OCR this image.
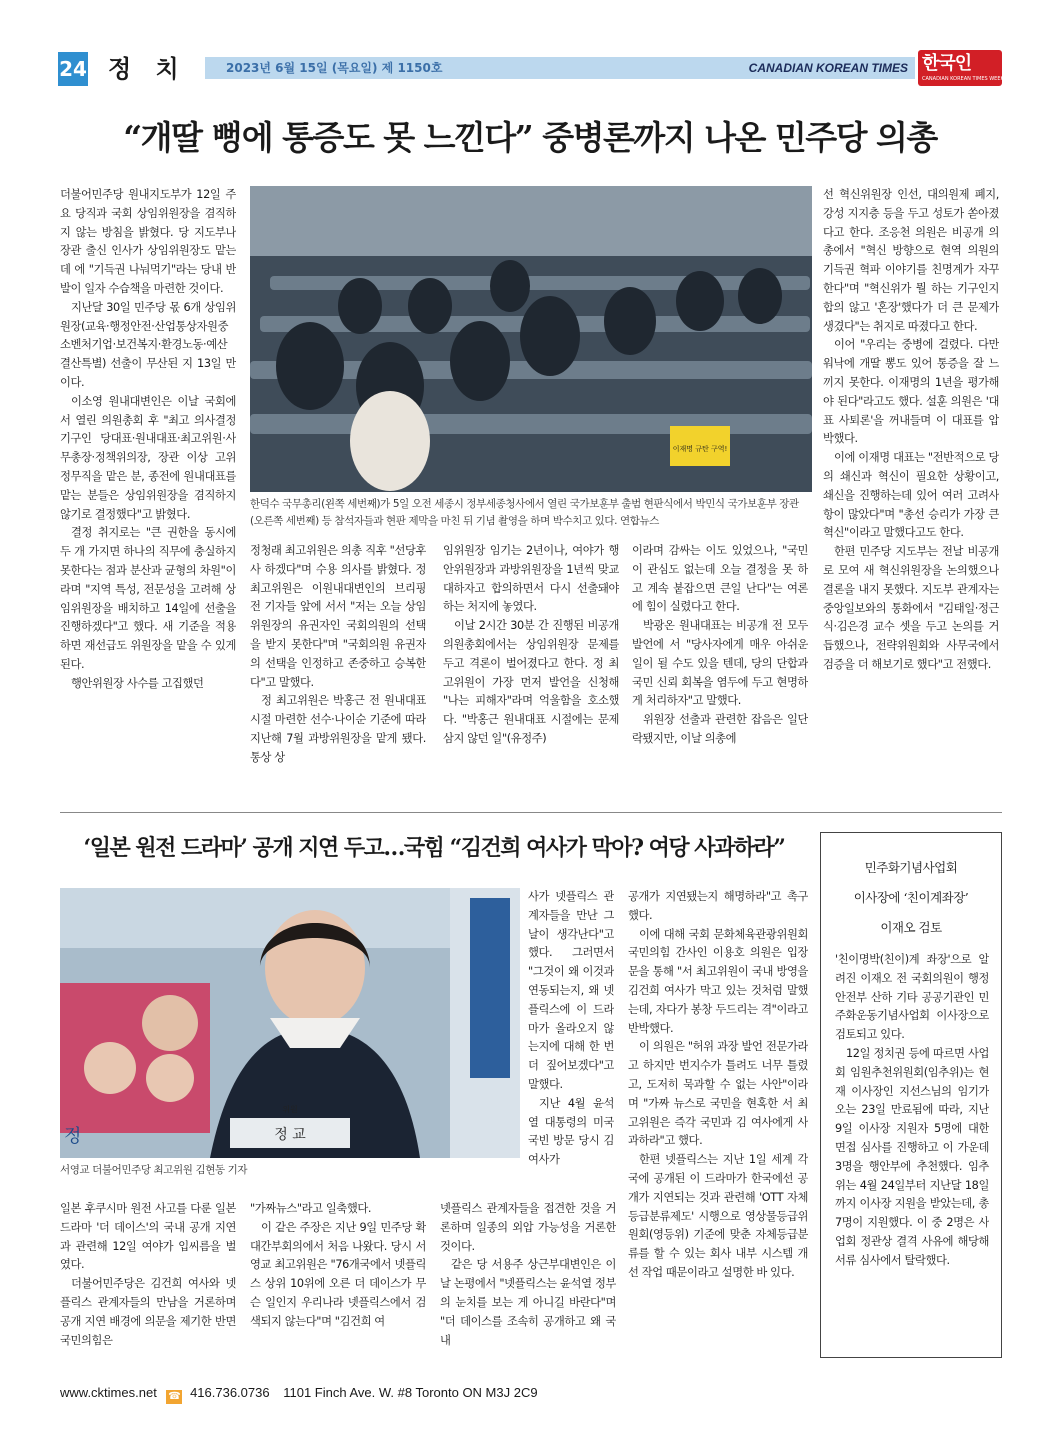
24 정 치	2023년 6월 15일 (목요일) 제 1150호	CANADIAN KOREAN TIMES 한국인
CANADIAN KOREAN TIMES WEEKLY
“개딸 뻥에 통증도 못 느낀다” 중병론까지 나온 민주당 의총

더불어민주당 원내지도부가 12일 주요 당직과 국회 상임위원장을 겸직하지 않는 방침을 밝혔다. 당 지도부나 장관 출신 인사가 상임위원장도 맡는 데 에 "기득권 나눠먹기"라는 당내 반발이 일자 수습책을 마련한 것이다.

지난달 30일 민주당 몫 6개 상임위원장(교육·행정안전·산업통상자원중소벤처기업·보건복지·환경노동·예산결산특별) 선출이 무산된 지 13일 만이다.

이소영 원내대변인은 이날 국회에서 열린 의원총회 후 "최고 의사결정기구인 당대표·원내대표·최고위원·사무총장·정책위의장, 장관 이상 고위 정무직을 맡은 분, 종전에 원내대표를 맡는 분들은 상임위원장을 겸직하지 않기로 결정했다"고 밝혔다.

결정 취지로는 "큰 권한을 동시에 두 개 가지면 하나의 직무에 충실하지 못한다는 점과 분산과 균형의 차원"이라며 "지역 특성, 전문성을 고려해 상임위원장을 배치하고 14일에 선출을 진행하겠다"고 했다. 새 기준을 적용하면 재선급도 위원장을 맡을 수 있게 된다.

행안위원장 사수를 고집했던

이재명 규탄 구역!
한덕수 국무총리(왼쪽 세번째)가 5일 오전 세종시 정부세종청사에서 열린 국가보훈부 출범 현판식에서 박민식 국가보훈부 장관(오른쪽 세번째) 등 참석자들과 현판 제막을 마친 뒤 기념 촬영을 하며 박수치고 있다. 연합뉴스

정청래 최고위원은 의총 직후 "선당후사 하겠다"며 수용 의사를 밝혔다. 정 최고위원은 이원내대변인의 브리핑 전 기자들 앞에 서서 "저는 오늘 상임위원장의 유권자인 국회의원의 선택을 받지 못한다"며 "국회의원 유권자의 선택을 인정하고 존중하고 승복한다"고 말했다.

정 최고위원은 박홍근 전 원내대표 시절 마련한 선수·나이순 기준에 따라 지난해 7월 과방위원장을 맡게 됐다. 통상 상

임위원장 임기는 2년이나, 여야가 행안위원장과 과방위원장을 1년씩 맞교대하자고 합의하면서 다시 선출돼야 하는 처지에 놓였다.

이날 2시간 30분 간 진행된 비공개 의원총회에서는 상임위원장 문제를 두고 격론이 벌어졌다고 한다. 정 최고위원이 가장 먼저 발언을 신청해 "나는 피해자"라며 억울함을 호소했다. "박홍근 원내대표 시절에는 문제 삼지 않던 일"(유정주)

이라며 감싸는 이도 있었으나, "국민이 관심도 없는데 오늘 결정을 못 하고 계속 붙잡으면 큰일 난다"는 여론에 힘이 실렸다고 한다.

박광온 원내대표는 비공개 전 모두발언에 서 "당사자에게 매우 아쉬운 일이 될 수도 있을 텐데, 당의 단합과 국민 신뢰 회복을 염두에 두고 현명하게 처리하자"고 말했다.

위원장 선출과 관련한 잡음은 일단락됐지만, 이날 의총에

선 혁신위원장 인선, 대의원제 폐지, 강성 지지층 등을 두고 성토가 쏟아졌다고 한다. 조응천 의원은 비공개 의총에서 "혁신 방향으로 현역 의원의 기득권 혁파 이야기를 친명계가 자꾸 한다"며 "혁신위가 뭘 하는 기구인지 합의 않고 '혼장'했다가 더 큰 문제가 생겼다"는 취지로 따졌다고 한다.

이어 "우리는 중병에 걸렸다. 다만 워낙에 개딸 뽕도 있어 통증을 잘 느끼지 못한다. 이재명의 1년을 평가해야 된다"라고도 했다. 설훈 의원은 '대표 사퇴론'을 꺼내들며 이 대표를 압박했다.

이에 이재명 대표는 "전반적으로 당의 쇄신과 혁신이 필요한 상황이고, 쇄신을 진행하는데 있어 여러 고려사항이 많았다"며 "총선 승리가 가장 큰 혁신"이라고 말했다고도 한다.

한편 민주당 지도부는 전날 비공개로 모여 새 혁신위원장을 논의했으나 결론을 내지 못했다. 지도부 관계자는 중앙일보와의 통화에서 "김태일·정근식·김은경 교수 셋을 두고 논의를 거듭했으나, 전략위원회와 사무국에서 검증을 더 해보기로 했다"고 전했다.

‘일본 원전 드라마’ 공개 지연 두고…국힘 “김건희 여사가 막아? 여당 사과하라”
정 교
위원
정
서영교 더불어민주당 최고위원 김현동 기자

사가 넷플릭스 관계자들을 만난 그 날이 생각난다"고 했다. 그러면서 "그것이 왜 이것과 연동되는지, 왜 넷플릭스에 이 드라마가 올라오지 않는지에 대해 한 번 더 짚어보겠다"고 말했다.

지난 4월 윤석열 대통령의 미국 국빈 방문 당시 김 여사가

일본 후쿠시마 원전 사고를 다룬 일본 드라마 '더 데이스'의 국내 공개 지연과 관련해 12일 여야가 입씨름을 벌였다.

더불어민주당은 김건희 여사와 넷플릭스 관계자들의 만남을 거론하며 공개 지연 배경에 의문을 제기한 반면국민의힘은

"가짜뉴스"라고 일축했다.

이 같은 주장은 지난 9일 민주당 확대간부회의에서 처음 나왔다. 당시 서영교 최고위원은 "76개국에서 넷플릭스 상위 10위에 오른 더 데이스가 무슨 일인지 우리나라 넷플릭스에서 검색되지 않는다"며 "김건희 여

넷플릭스 관계자들을 접견한 것을 거론하며 일종의 외압 가능성을 거론한 것이다.

같은 당 서용주 상근부대변인은 이날 논평에서 "넷플릭스는 윤석열 정부의 눈치를 보는 게 아니길 바란다"며 "더 데이스를 조속히 공개하고 왜 국내

공개가 지연됐는지 해명하라"고 촉구했다.

이에 대해 국회 문화체육관광위원회 국민의힘 간사인 이용호 의원은 입장문을 통해 "서 최고위원이 국내 방영을 김건희 여사가 막고 있는 것처럼 말했는데, 자다가 봉창 두드리는 격"이라고 반박했다.

이 의원은 "허위 과장 발언 전문가라고 하지만 번지수가 틀려도 너무 틀렸고, 도저히 묵과할 수 없는 사안"이라며 "가짜 뉴스로 국민을 현혹한 서 최고위원은 즉각 국민과 김 여사에게 사과하라"고 했다.

한편 넷플릭스는 지난 1일 세계 각국에 공개된 이 드라마가 한국에선 공개가 지연되는 것과 관련해 'OTT 자체등급분류제도' 시행으로 영상물등급위원회(영등위) 기준에 맞춘 자체등급분류를 할 수 있는 회사 내부 시스템 개선 작업 때문이라고 설명한 바 있다.

민주화기념사업회
이사장에 ‘친이계좌장’
이재오 검토

'친이명박(친이)계 좌장'으로 알려진 이재오 전 국회의원이 행정안전부 산하 기타 공공기관인 민주화운동기념사업회 이사장으로 검토되고 있다.

12일 정치권 등에 따르면 사업회 임원추천위원회(임추위)는 현재 이사장인 지선스님의 임기가 오는 23일 만료됨에 따라, 지난 9일 이사장 지원자 5명에 대한 면접 심사를 진행하고 이 가운데 3명을 행안부에 추천했다. 임추위는 4월 24일부터 지난달 18일까지 이사장 지원을 받았는데, 총 7명이 지원했다. 이 중 2명은 사업회 정관상 결격 사유에 해당해 서류 심사에서 탈락했다.

www.cktimes.net ☎ 416.736.0736 1101 Finch Ave. W. #8 Toronto ON M3J 2C9
